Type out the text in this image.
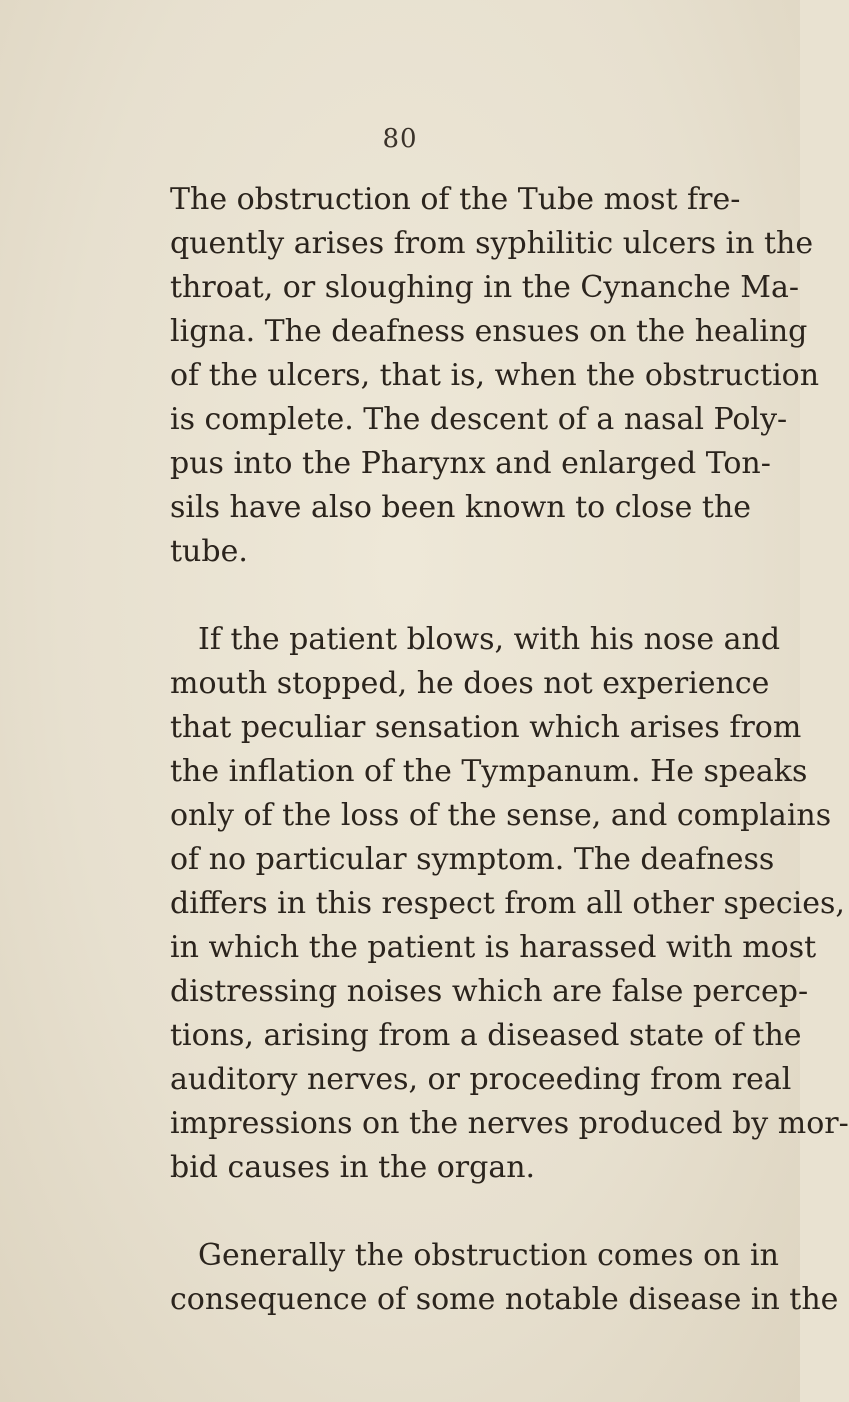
80
The obstruction of the Tube most fre-
quently arises from syphilitic ulcers in the
throat, or sloughing in the Cynanche Ma-
ligna. The deafness ensues on the healing
of the ulcers, that is, when the obstruction
is complete. The descent of a nasal Poly-
pus into the Pharynx and enlarged Ton-
sils have also been known to close the
tube.
If the patient blows, with his nose and
mouth stopped, he does not experience
that peculiar sensation which arises from
the inflation of the Tympanum. He speaks
only of the loss of the sense, and complains
of no particular symptom. The deafness
differs in this respect from all other species,
in which the patient is harassed with most
distressing noises which are false percep-
tions, arising from a diseased state of the
auditory nerves, or proceeding from real
impressions on the nerves produced by mor-
bid causes in the organ.
Generally the obstruction comes on in
consequence of some notable disease in the
